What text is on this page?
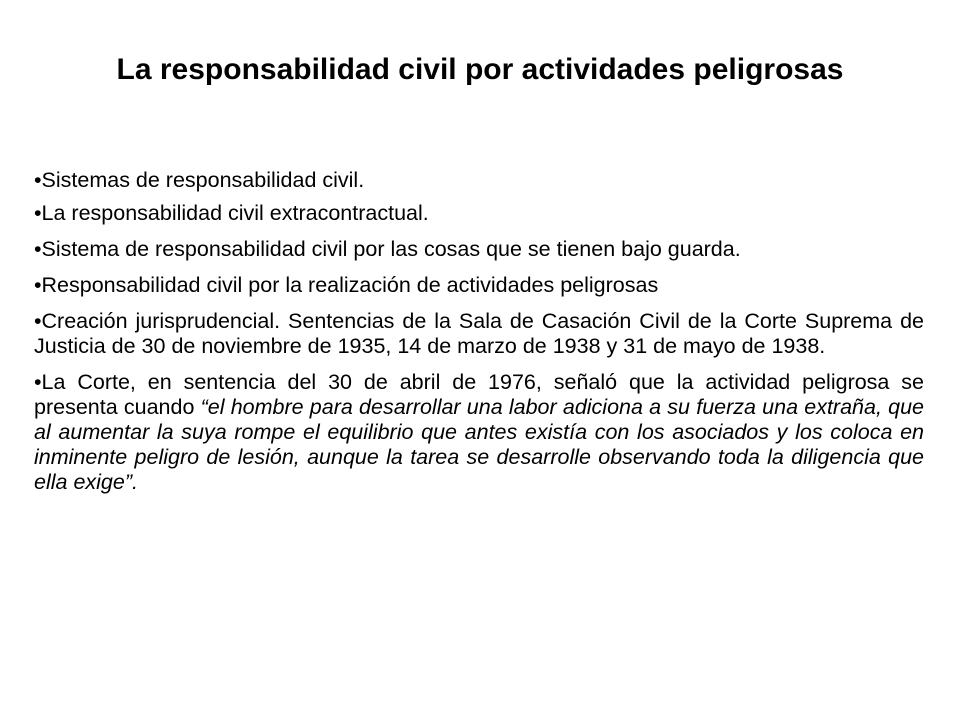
La responsabilidad civil por actividades peligrosas
•Sistemas de responsabilidad civil.
•La responsabilidad civil extracontractual.
•Sistema de responsabilidad civil por las cosas que se tienen bajo guarda.
•Responsabilidad civil por la realización de actividades peligrosas
•Creación jurisprudencial. Sentencias de la Sala de Casación Civil de la Corte Suprema de Justicia de 30 de noviembre de 1935, 14 de marzo de 1938 y 31 de mayo de 1938.
•La Corte, en sentencia del 30 de abril de 1976, señaló que la actividad peligrosa se presenta cuando “el hombre para desarrollar una labor adiciona a su fuerza una extraña, que al aumentar la suya rompe el equilibrio que antes existía con los asociados y los coloca en inminente peligro de lesión, aunque la tarea se desarrolle observando toda la diligencia que ella exige”.
